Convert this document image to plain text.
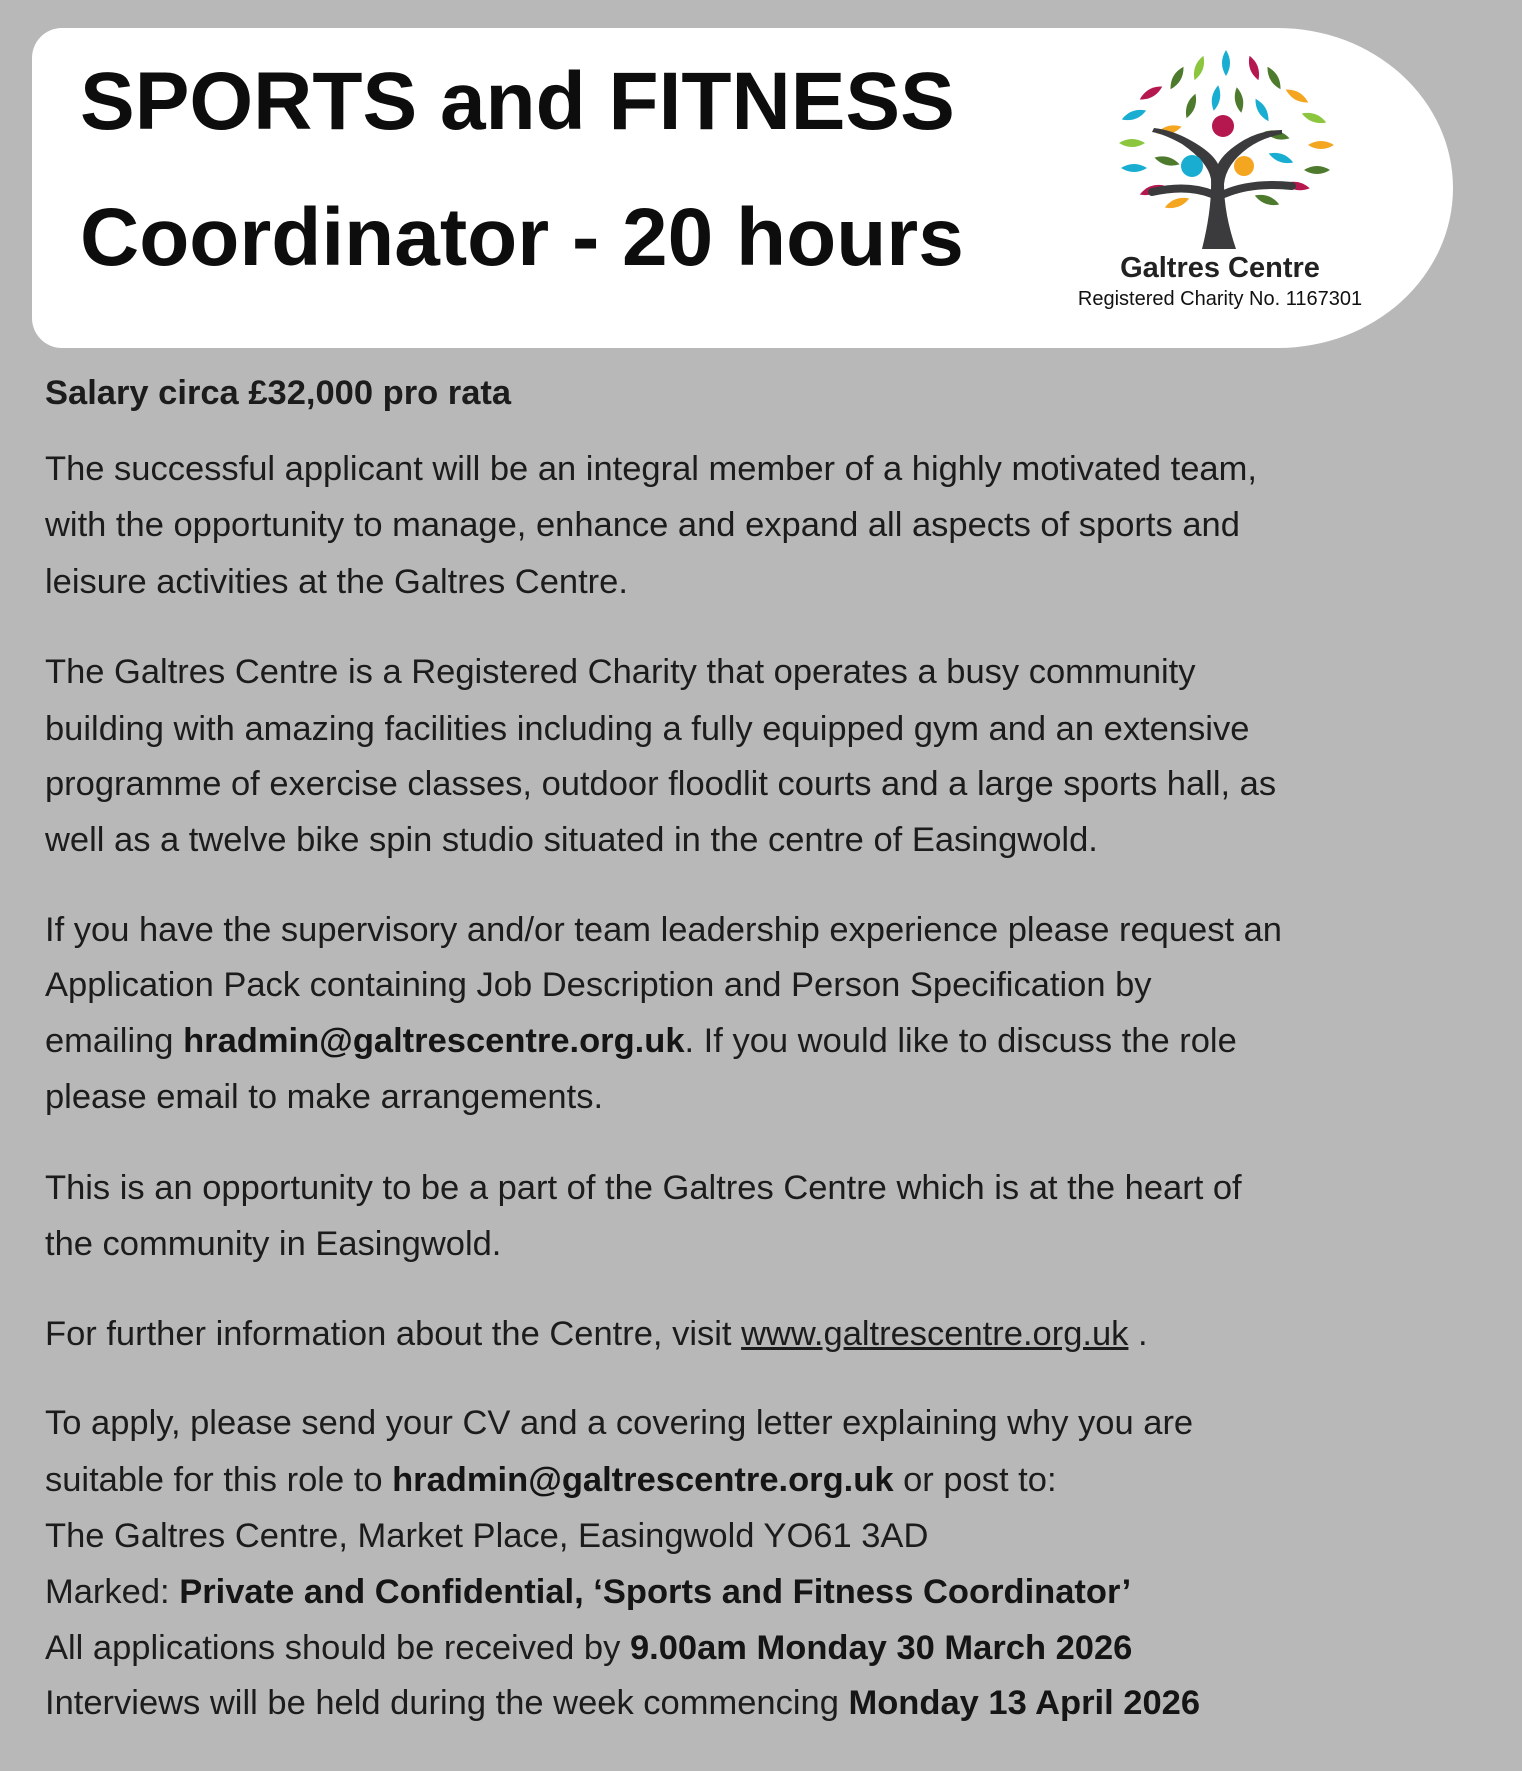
SPORTS and FITNESS
Coordinator - 20 hours	Galtres Centre
Registered Charity No. 1167301
Salary circa £32,000 pro rata
The successful applicant will be an integral member of a highly motivated team,
with the opportunity to manage, enhance and expand all aspects of sports and
leisure activities at the Galtres Centre.
The Galtres Centre is a Registered Charity that operates a busy community
building with amazing facilities including a fully equipped gym and an extensive
programme of exercise classes, outdoor floodlit courts and a large sports hall, as
well as a twelve bike spin studio situated in the centre of Easingwold.
If you have the supervisory and/or team leadership experience please request an
Application Pack containing Job Description and Person Specification by
emailing hradmin@galtrescentre.org.uk. If you would like to discuss the role
please email to make arrangements.
This is an opportunity to be a part of the Galtres Centre which is at the heart of
the community in Easingwold.
For further information about the Centre, visit www.galtrescentre.org.uk .
To apply, please send your CV and a covering letter explaining why you are
suitable for this role to hradmin@galtrescentre.org.uk or post to:
The Galtres Centre, Market Place, Easingwold YO61 3AD
Marked: Private and Confidential, ‘Sports and Fitness Coordinator’
All applications should be received by 9.00am Monday 30 March 2026
Interviews will be held during the week commencing Monday 13 April 2026
